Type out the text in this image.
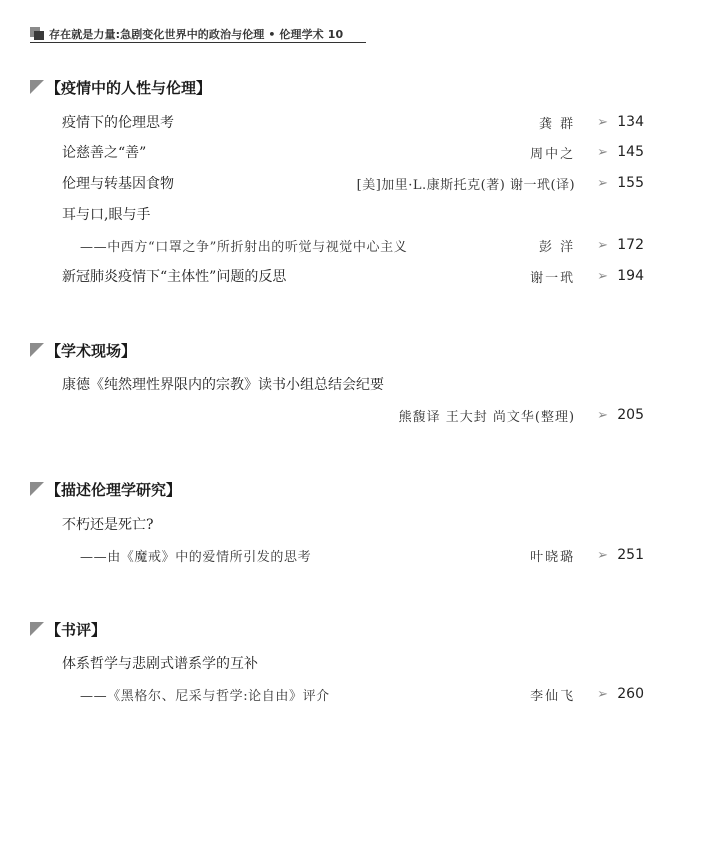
存在就是力量:急剧变化世界中的政治与伦理 • 伦理学术 10
【疫情中的人性与伦理】
疫情下的伦理思考	龚 群 ➢ 134
论慈善之“善”	周中之 ➢ 145
伦理与转基因食物	[美]加里·L.康斯托克(著) 谢一玳(译) ➢ 155
耳与口,眼与手
——中西方“口罩之争”所折射出的听觉与视觉中心主义	彭 洋 ➢ 172
新冠肺炎疫情下“主体性”问题的反思	谢一玳 ➢ 194
【学术现场】
康德《纯然理性界限内的宗教》读书小组总结会纪要
熊馥译 王大封 尚文华(整理) ➢ 205
【描述伦理学研究】
不朽还是死亡?
——由《魔戒》中的爱情所引发的思考	叶晓璐 ➢ 251
【书评】
体系哲学与悲剧式谱系学的互补
——《黑格尔、尼采与哲学:论自由》评介	李仙飞 ➢ 260
